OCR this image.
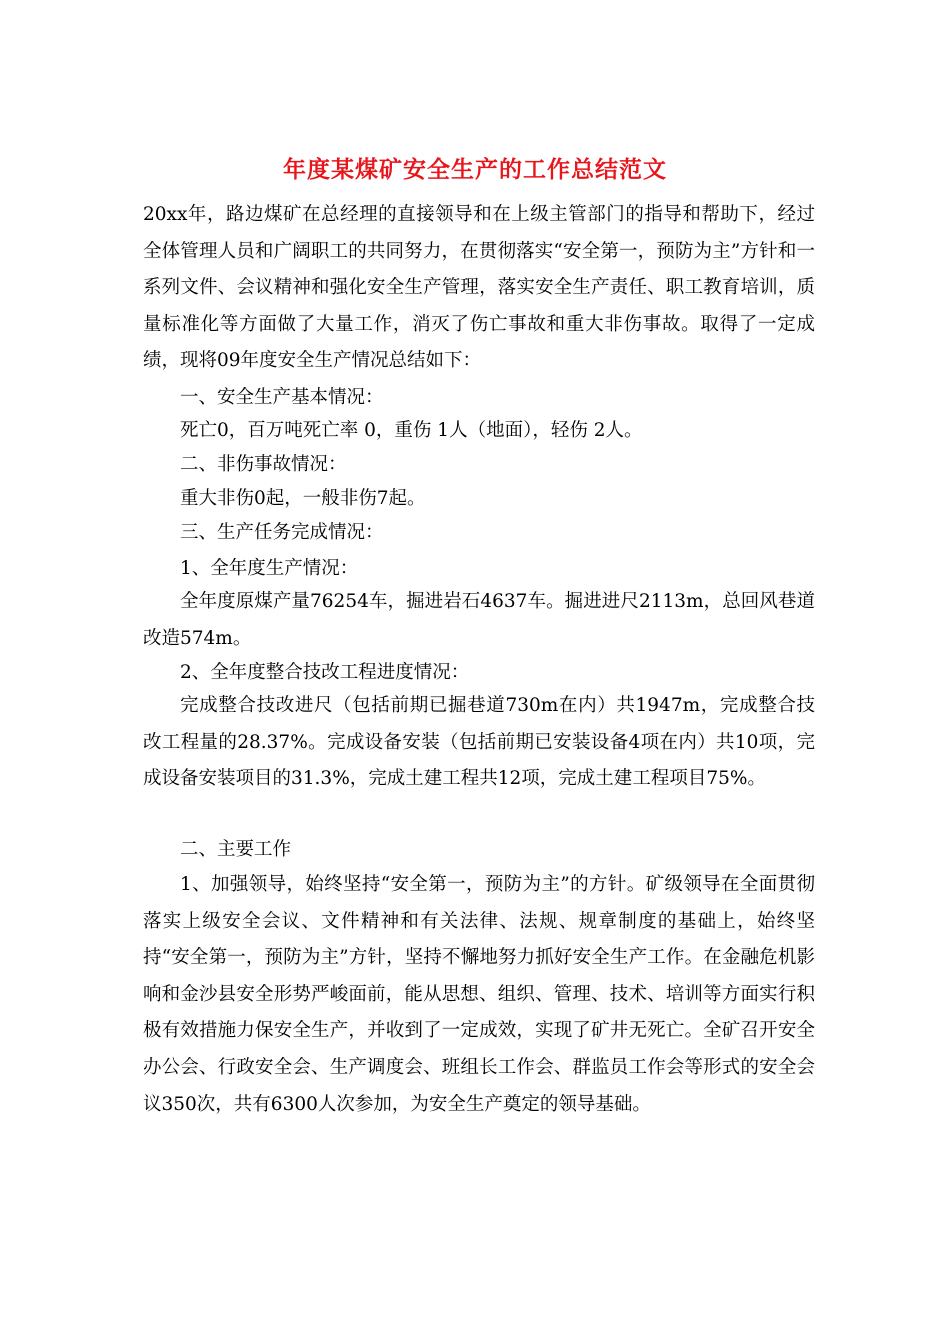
年度某煤矿安全生产的工作总结范文

20xx年，路边煤矿在总经理的直接领导和在上级主管部门的指导和帮助下，经过全体管理人员和广阔职工的共同努力，在贯彻落实“安全第一，预防为主”方针和一系列文件、会议精神和强化安全生产管理，落实安全生产责任、职工教育培训，质量标准化等方面做了大量工作，消灭了伤亡事故和重大非伤事故。取得了一定成绩，现将09年度安全生产情况总结如下：

一、安全生产基本情况：

死亡0，百万吨死亡率 0，重伤 1人（地面），轻伤 2人。

二、非伤事故情况：

重大非伤0起，一般非伤7起。

三、生产任务完成情况：

1、全年度生产情况：

全年度原煤产量76254车，掘进岩石4637车。掘进进尺2113m，总回风巷道改造574m。

2、全年度整合技改工程进度情况：

完成整合技改进尺（包括前期已掘巷道730m在内）共1947m，完成整合技改工程量的28.37%。完成设备安装（包括前期已安装设备4项在内）共10项，完成设备安装项目的31.3%，完成土建工程共12项，完成土建工程项目75%。

二、主要工作

1、加强领导，始终坚持“安全第一，预防为主”的方针。矿级领导在全面贯彻落实上级安全会议、文件精神和有关法律、法规、规章制度的基础上，始终坚持“安全第一，预防为主”方针，坚持不懈地努力抓好安全生产工作。在金融危机影响和金沙县安全形势严峻面前，能从思想、组织、管理、技术、培训等方面实行积极有效措施力保安全生产，并收到了一定成效，实现了矿井无死亡。全矿召开安全办公会、行政安全会、生产调度会、班组长工作会、群监员工作会等形式的安全会议350次，共有6300人次参加，为安全生产奠定的领导基础。
